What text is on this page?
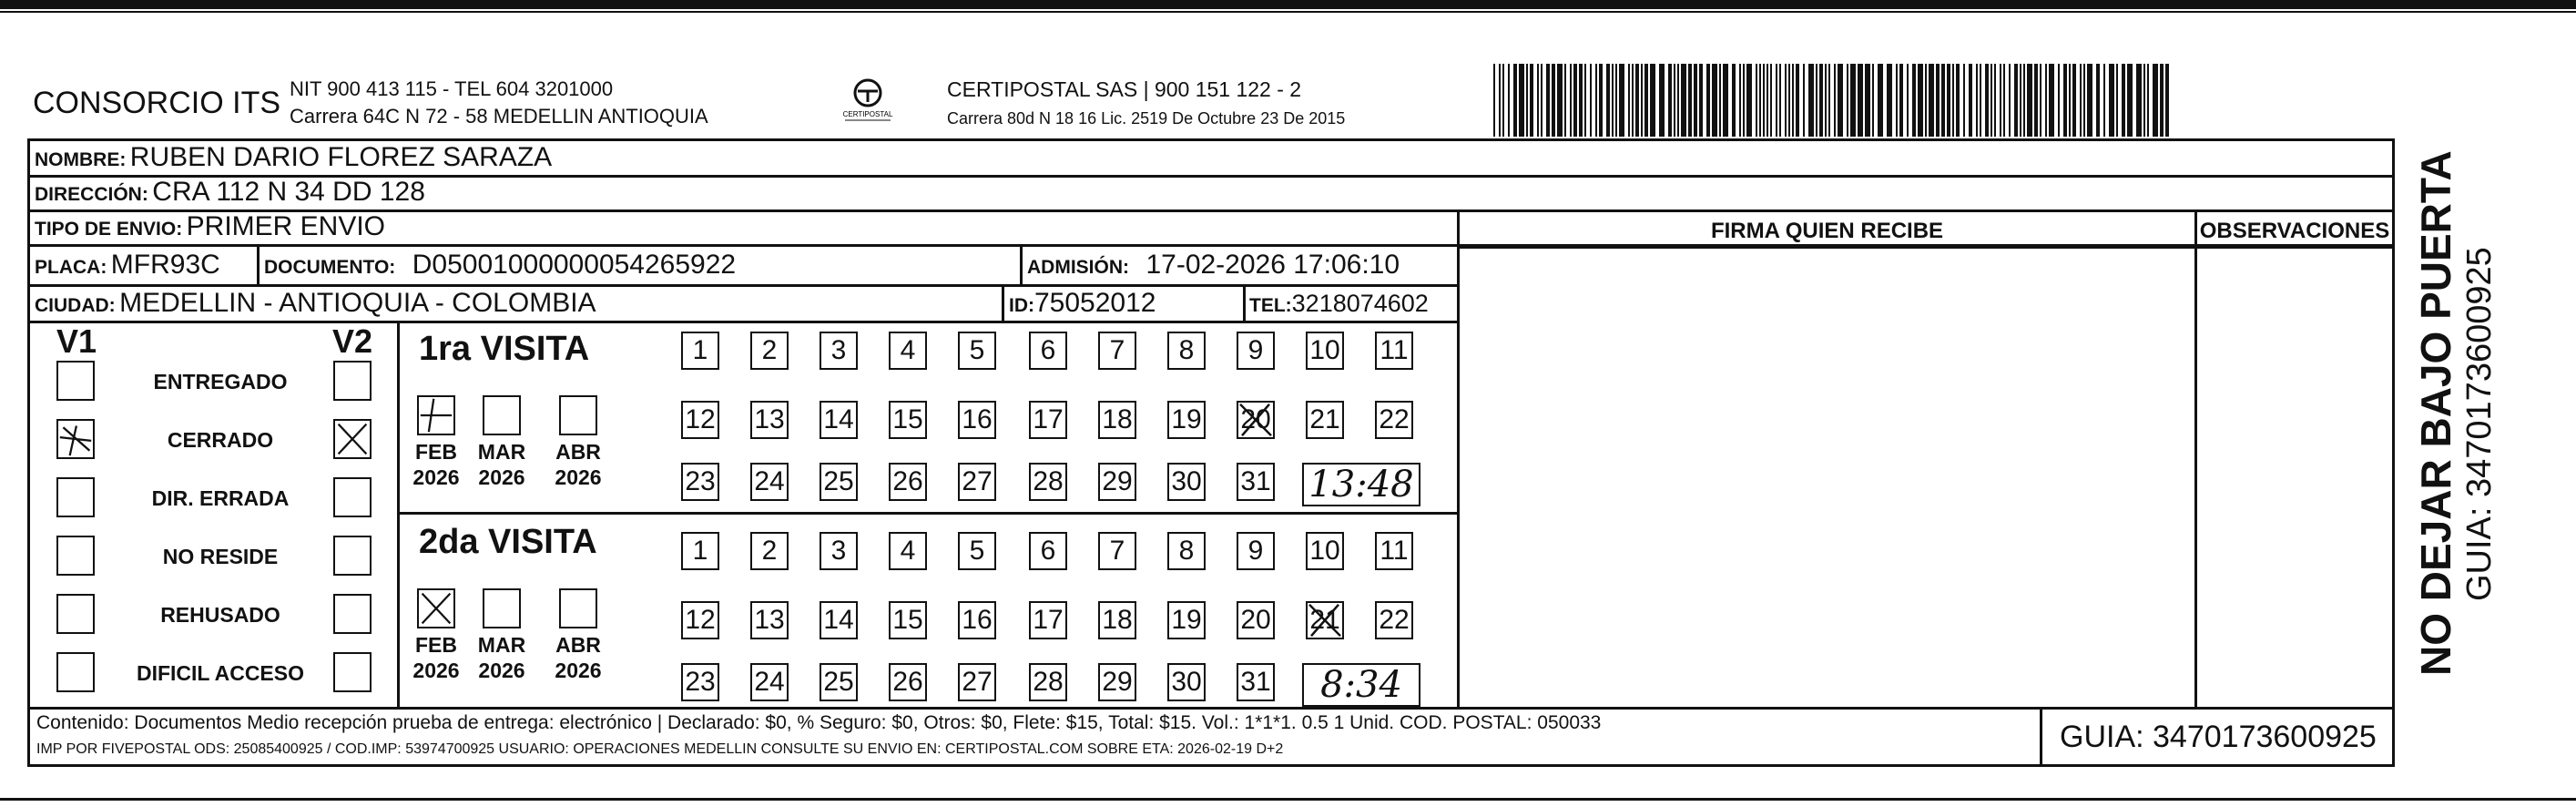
CONSORCIO ITS NIT 900 413 115 - TEL 604 3201000
Carrera 64C N 72 - 58 MEDELLIN ANTIOQUIA	CERTIPOSTAL
CERTIPOSTAL SAS | 900 151 122 - 2
Carrera 80d N 18 16 Lic. 2519 De Octubre 23 De 2015
NOMBRE: RUBEN DARIO FLOREZ SARAZA
DIRECCIÓN: CRA 112 N 34 DD 128
TIPO DE ENVIO: PRIMER ENVIO
PLACA: MFR93C DOCUMENTO: D05001000000054265922	ADMISIÓN: 17-02-2026 17:06:10
CIUDAD: MEDELLIN - ANTIOQUIA - COLOMBIA	ID:75052012	TEL:3218074602
FIRMA QUIEN RECIBE	OBSERVACIONES
V1	V2
ENTREGADO
CERRADO
DIR. ERRADA
NO RESIDE
REHUSADO
DIFICIL ACCESO
1ra VISITA
FEB
2026
MAR
2026
ABR
2026
1	2	3	4	5	6	7	8	9	10 11
12 13 14 15 16 17 18 19 20 21 22
23 24 25 26 27 28 29 30 31 13:48
2da VISITA
FEB
2026
MAR
2026
ABR
2026
1	2	3	4	5	6	7	8	9	10 11
12 13 14 15 16 17 18 19 20 21 22
23 24 25 26 27 28 29 30 31	8:34
Contenido: Documentos Medio recepción prueba de entrega: electrónico | Declarado: $0, % Seguro: $0, Otros: $0, Flete: $15, Total: $15. Vol.: 1*1*1. 0.5 1 Unid. COD. POSTAL: 050033
IMP POR FIVEPOSTAL ODS: 25085400925 / COD.IMP: 53974700925 USUARIO: OPERACIONES MEDELLIN CONSULTE SU ENVIO EN: CERTIPOSTAL.COM SOBRE ETA: 2026-02-19 D+2	GUIA: 3470173600925
NO DEJAR BAJO PUERTA GUIA: 3470173600925
